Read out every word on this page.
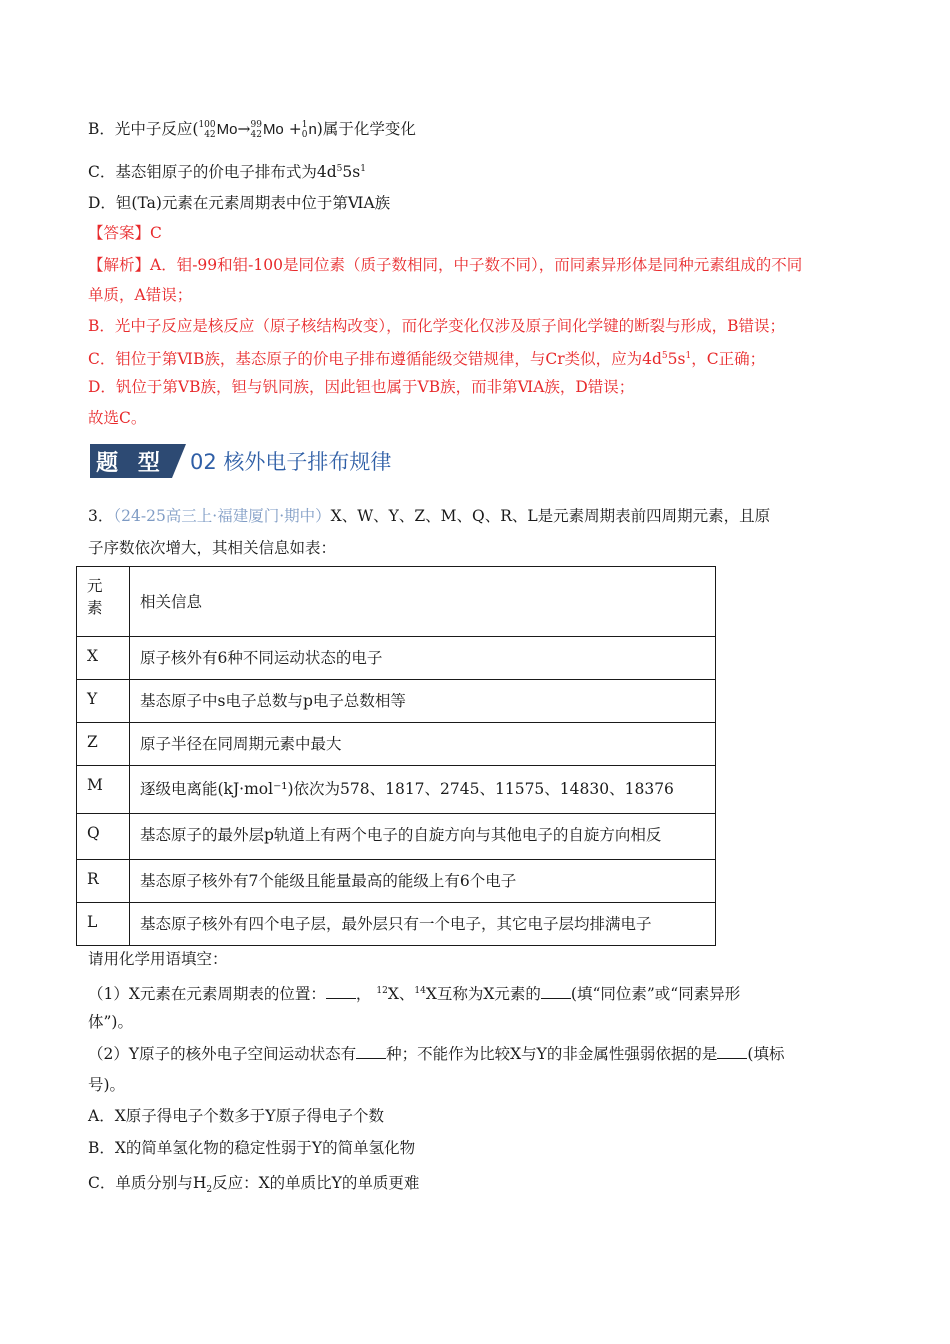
B．光中子反应( 100
42 Mo→ 99
42 Mo + 1
0 n)属于化学变化
C．基态钼原子的价电子排布式为$4d^55s^1$
D．钽(Ta)元素在元素周期表中位于第ⅥA族
【答案】C
【解析】A．钼-99和钼-100是同位素（质子数相同，中子数不同），而同素异形体是同种元素组成的不同
单质，A错误；
B．光中子反应是核反应（原子核结构改变），而化学变化仅涉及原子间化学键的断裂与形成，B错误；
C．钼位于第ⅥB族，基态原子的价电子排布遵循能级交错规律，与Cr类似，应为$4d^55s^1$，C正确；
D．钒位于第VB族，钽与钒同族，因此钽也属于VB族，而非第ⅥA族，D错误；
故选C。
题 型 02 核外电子排布规律
3．（24-25高三上·福建厦门·期中）X、W、Y、Z、M、Q、R、L是元素周期表前四周期元素，且原
子序数依次增大，其相关信息如表：
元素	相关信息
X	原子核外有6种不同运动状态的电子
Y	基态原子中s电子总数与p电子总数相等
Z	原子半径在同周期元素中最大
M	逐级电离能(kJ·mol⁻¹)依次为578、1817、2745、11575、14830、18376
Q	基态原子的最外层p轨道上有两个电子的自旋方向与其他电子的自旋方向相反
R	基态原子核外有7个能级且能量最高的能级上有6个电子
L	基态原子核外有四个电子层，最外层只有一个电子，其它电子层均排满电子
请用化学用语填空：
（1）X元素在元素周期表的位置： ， $^{12}$X、$^{14}$X互称为X元素的 (填“同位素”或“同素异形
体”)。
（2）Y原子的核外电子空间运动状态有 种；不能作为比较X与Y的非金属性强弱依据的是 (填标
号)。
A．X原子得电子个数多于Y原子得电子个数
B．X的简单氢化物的稳定性弱于Y的简单氢化物
C．单质分别与$H_2$反应：X的单质比Y的单质更难
